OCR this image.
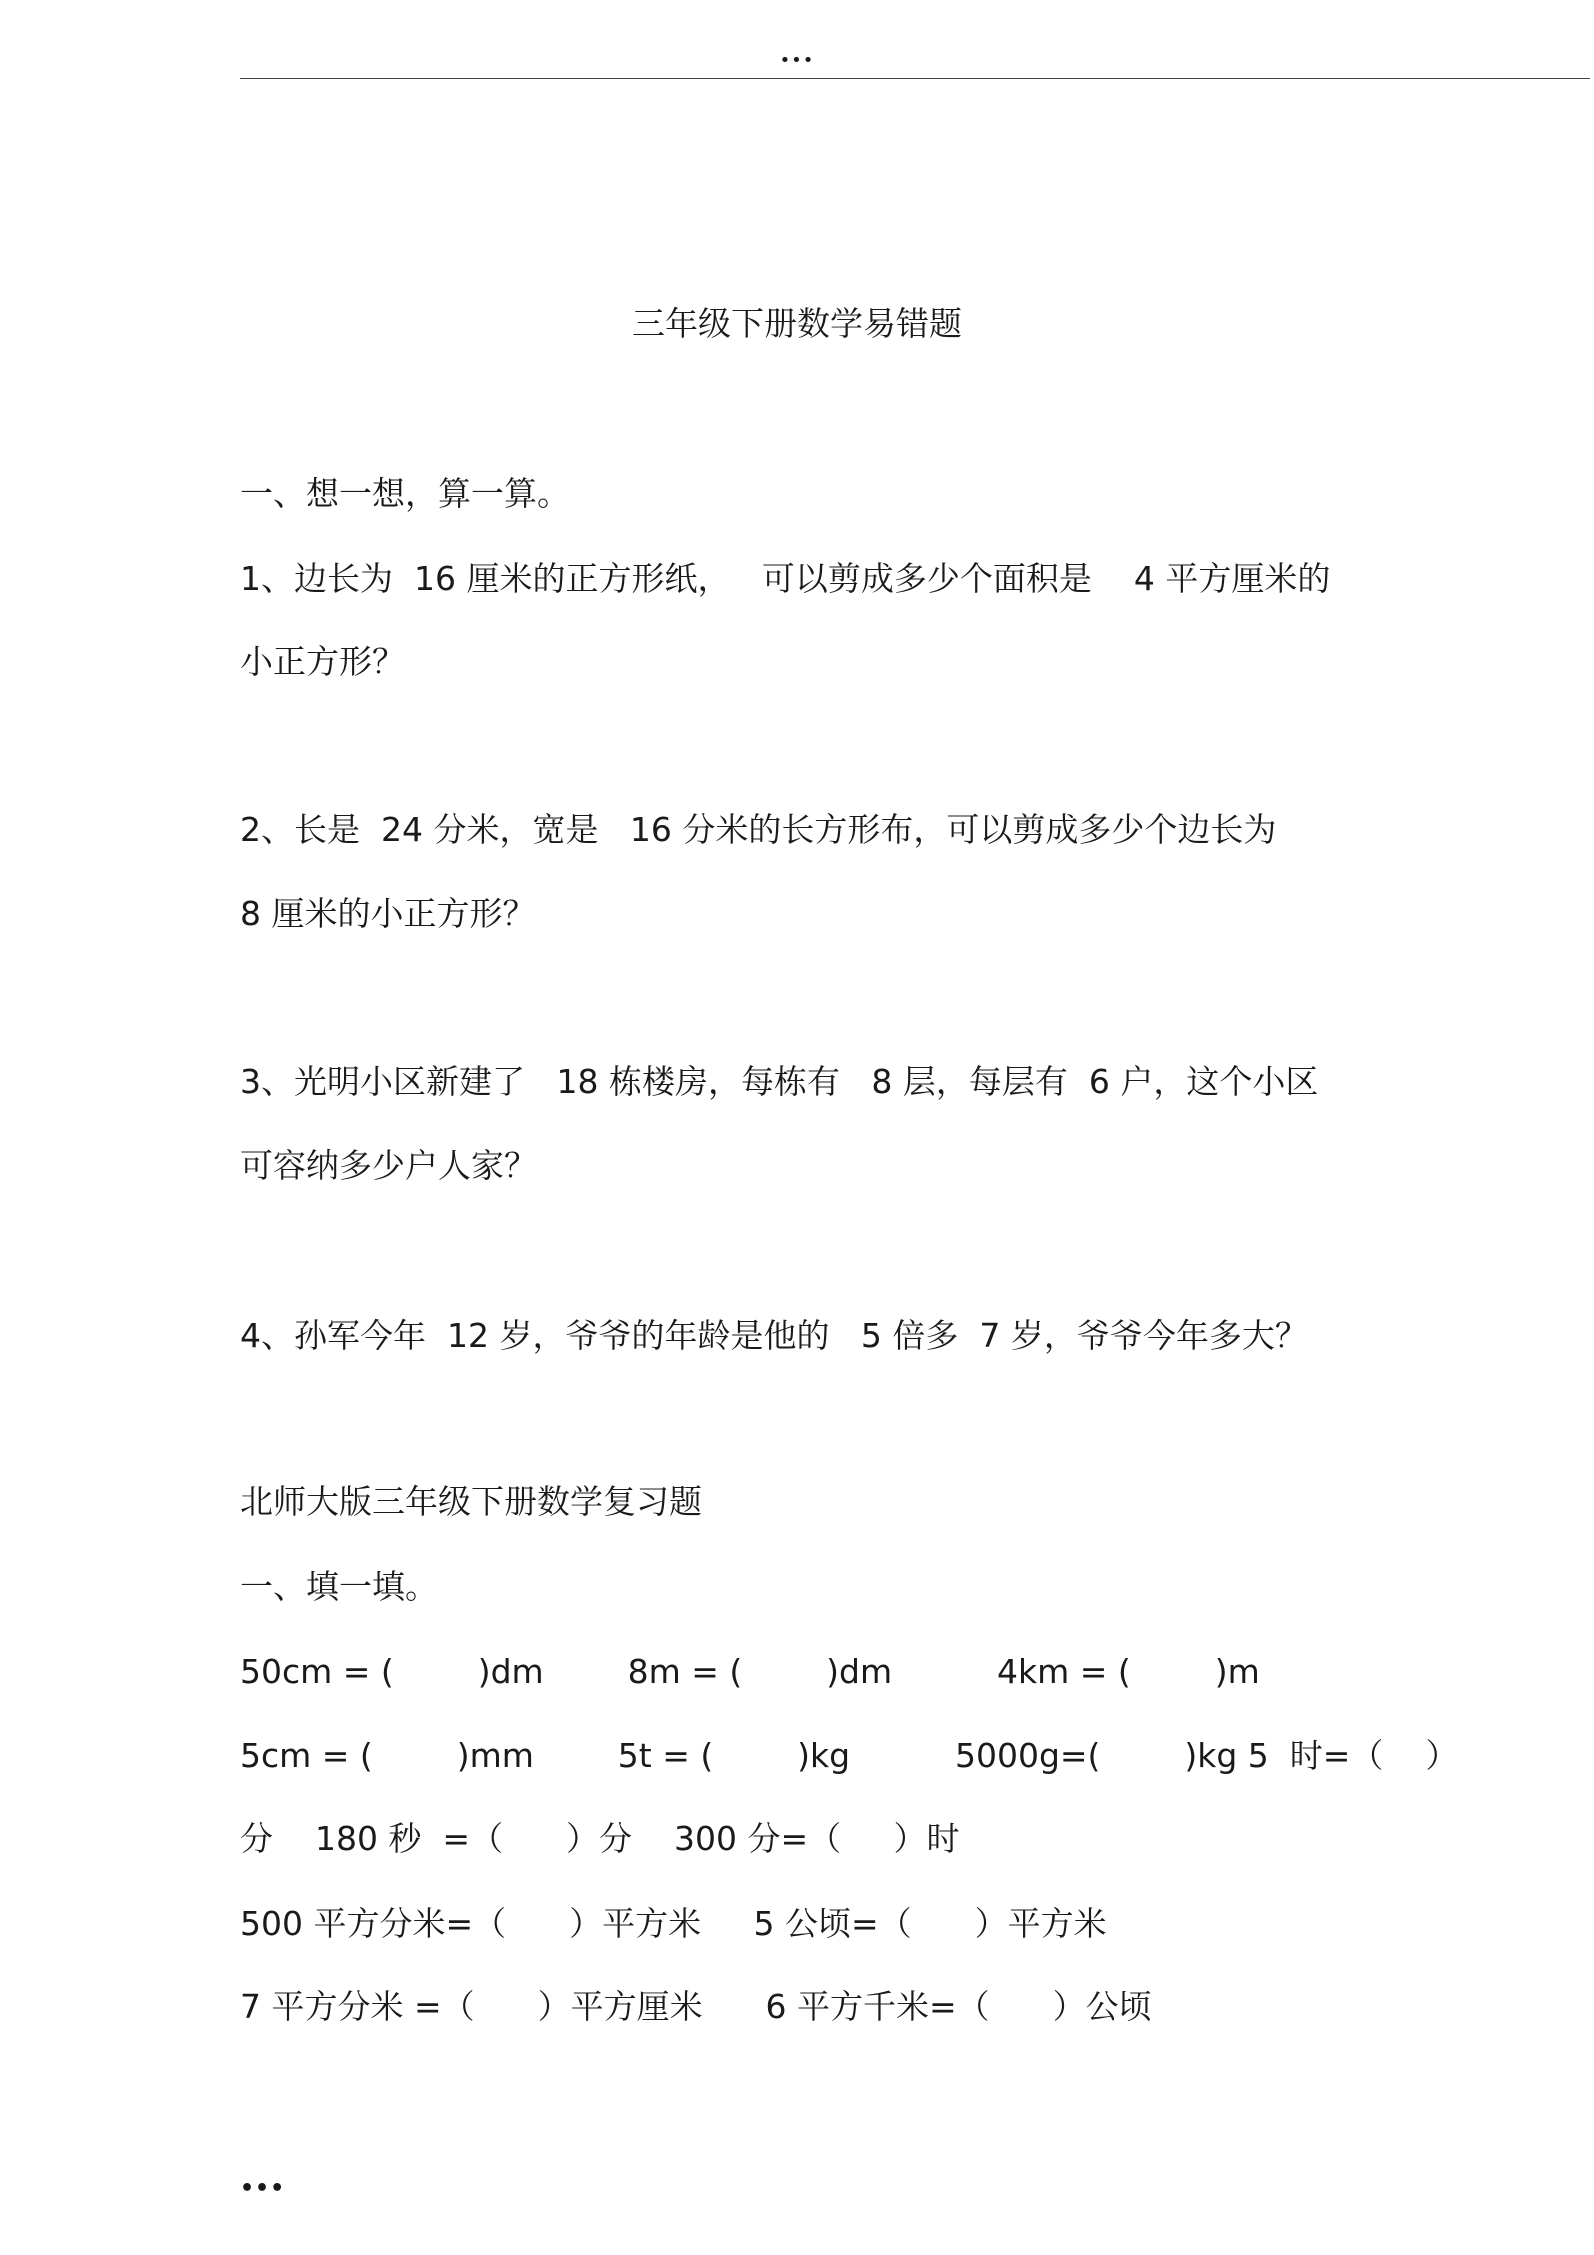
•••
三年级下册数学易错题
一、想一想，算一算。
1、边长为  16 厘米的正方形纸，   可以剪成多少个面积是    4 平方厘米的
小正方形？
2、长是  24 分米，宽是   16 分米的长方形布，可以剪成多少个边长为
8 厘米的小正方形？
3、光明小区新建了   18 栋楼房，每栋有   8 层，每层有  6 户，这个小区
可容纳多少户人家？
4、孙军今年  12 岁，爷爷的年龄是他的   5 倍多  7 岁，爷爷今年多大？
北师大版三年级下册数学复习题
一、填一填。
50cm = (        )dm        8m = (        )dm          4km = (        )m
5cm = (        )mm        5t = (        )kg          5000g=(        )kg 5  时=（    ）
分    180 秒  =（      ）分    300 分=（     ）时
500 平方分米=（      ）平方米     5 公顷=（      ）平方米
7 平方分米 =（      ）平方厘米      6 平方千米=（      ）公顷
•••
